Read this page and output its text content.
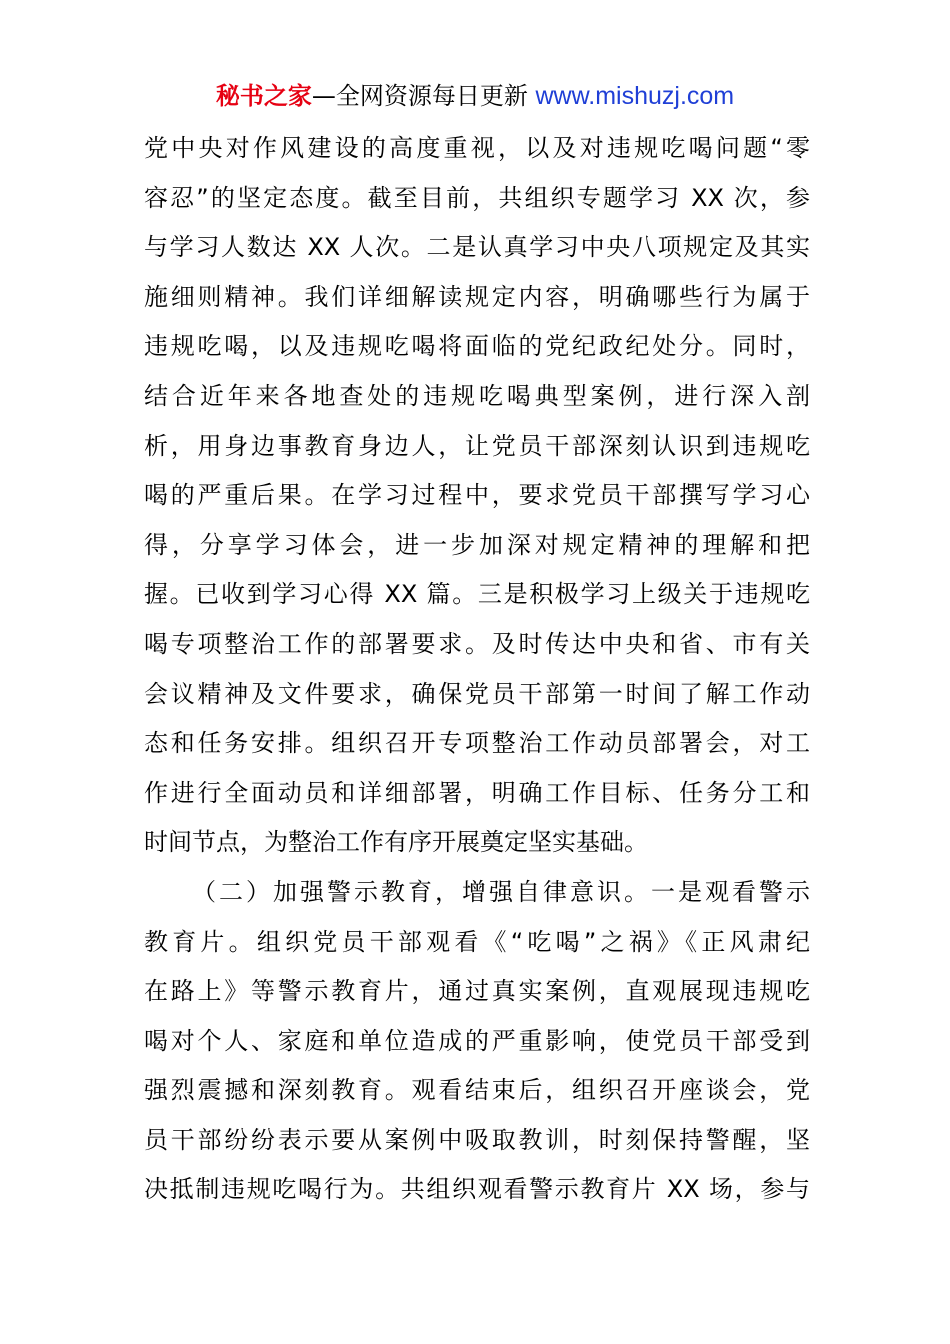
秘书之家—全网资源每日更新 www.mishuzj.com
党中央对作风建设的高度重视，以及对违规吃喝问题“零
容忍”的坚定态度。截至目前，共组织专题学习 XX 次，参
与学习人数达 XX 人次。二是认真学习中央八项规定及其实
施细则精神。我们详细解读规定内容，明确哪些行为属于
违规吃喝，以及违规吃喝将面临的党纪政纪处分。同时，
结合近年来各地查处的违规吃喝典型案例，进行深入剖
析，用身边事教育身边人，让党员干部深刻认识到违规吃
喝的严重后果。在学习过程中，要求党员干部撰写学习心
得，分享学习体会，进一步加深对规定精神的理解和把
握。已收到学习心得 XX 篇。三是积极学习上级关于违规吃
喝专项整治工作的部署要求。及时传达中央和省、市有关
会议精神及文件要求，确保党员干部第一时间了解工作动
态和任务安排。组织召开专项整治工作动员部署会，对工
作进行全面动员和详细部署，明确工作目标、任务分工和
时间节点，为整治工作有序开展奠定坚实基础。
（二）加强警示教育，增强自律意识。一是观看警示
教育片。组织党员干部观看《“吃喝”之祸》《正风肃纪
在路上》等警示教育片，通过真实案例，直观展现违规吃
喝对个人、家庭和单位造成的严重影响，使党员干部受到
强烈震撼和深刻教育。观看结束后，组织召开座谈会，党
员干部纷纷表示要从案例中吸取教训，时刻保持警醒，坚
决抵制违规吃喝行为。共组织观看警示教育片 XX 场，参与
